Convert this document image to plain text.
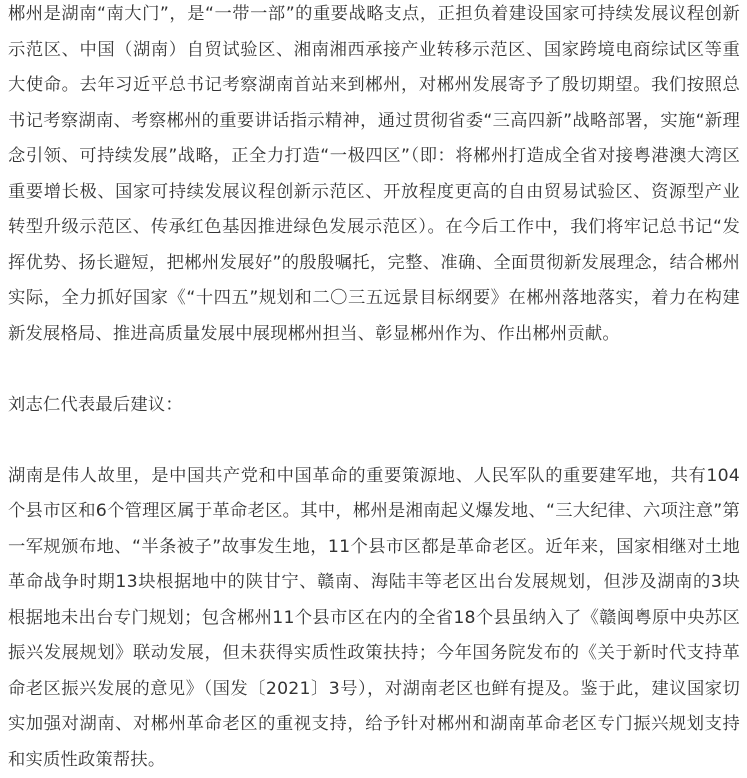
郴州是湖南“南大门”，是“一带一部”的重要战略支点，正担负着建设国家可持续发展议程创新示范区、中国（湖南）自贸试验区、湘南湘西承接产业转移示范区、国家跨境电商综试区等重大使命。去年习近平总书记考察湖南首站来到郴州，对郴州发展寄予了殷切期望。我们按照总书记考察湖南、考察郴州的重要讲话指示精神，通过贯彻省委“三高四新”战略部署，实施“新理念引领、可持续发展”战略，正全力打造“一极四区”（即：将郴州打造成全省对接粤港澳大湾区重要增长极、国家可持续发展议程创新示范区、开放程度更高的自由贸易试验区、资源型产业转型升级示范区、传承红色基因推进绿色发展示范区）。在今后工作中，我们将牢记总书记“发挥优势、扬长避短，把郴州发展好”的殷殷嘱托，完整、准确、全面贯彻新发展理念，结合郴州实际，全力抓好国家《“十四五”规划和二〇三五远景目标纲要》在郴州落地落实，着力在构建新发展格局、推进高质量发展中展现郴州担当、彰显郴州作为、作出郴州贡献。

刘志仁代表最后建议：

湖南是伟人故里，是中国共产党和中国革命的重要策源地、人民军队的重要建军地，共有104个县市区和6个管理区属于革命老区。其中，郴州是湘南起义爆发地、“三大纪律、六项注意”第一军规颁布地、“半条被子”故事发生地，11个县市区都是革命老区。近年来，国家相继对土地革命战争时期13块根据地中的陕甘宁、赣南、海陆丰等老区出台发展规划，但涉及湖南的3块根据地未出台专门规划；包含郴州11个县市区在内的全省18个县虽纳入了《赣闽粤原中央苏区振兴发展规划》联动发展，但未获得实质性政策扶持；今年国务院发布的《关于新时代支持革命老区振兴发展的意见》（国发〔2021〕3号），对湖南老区也鲜有提及。鉴于此，建议国家切实加强对湖南、对郴州革命老区的重视支持，给予针对郴州和湖南革命老区专门振兴规划支持和实质性政策帮扶。
